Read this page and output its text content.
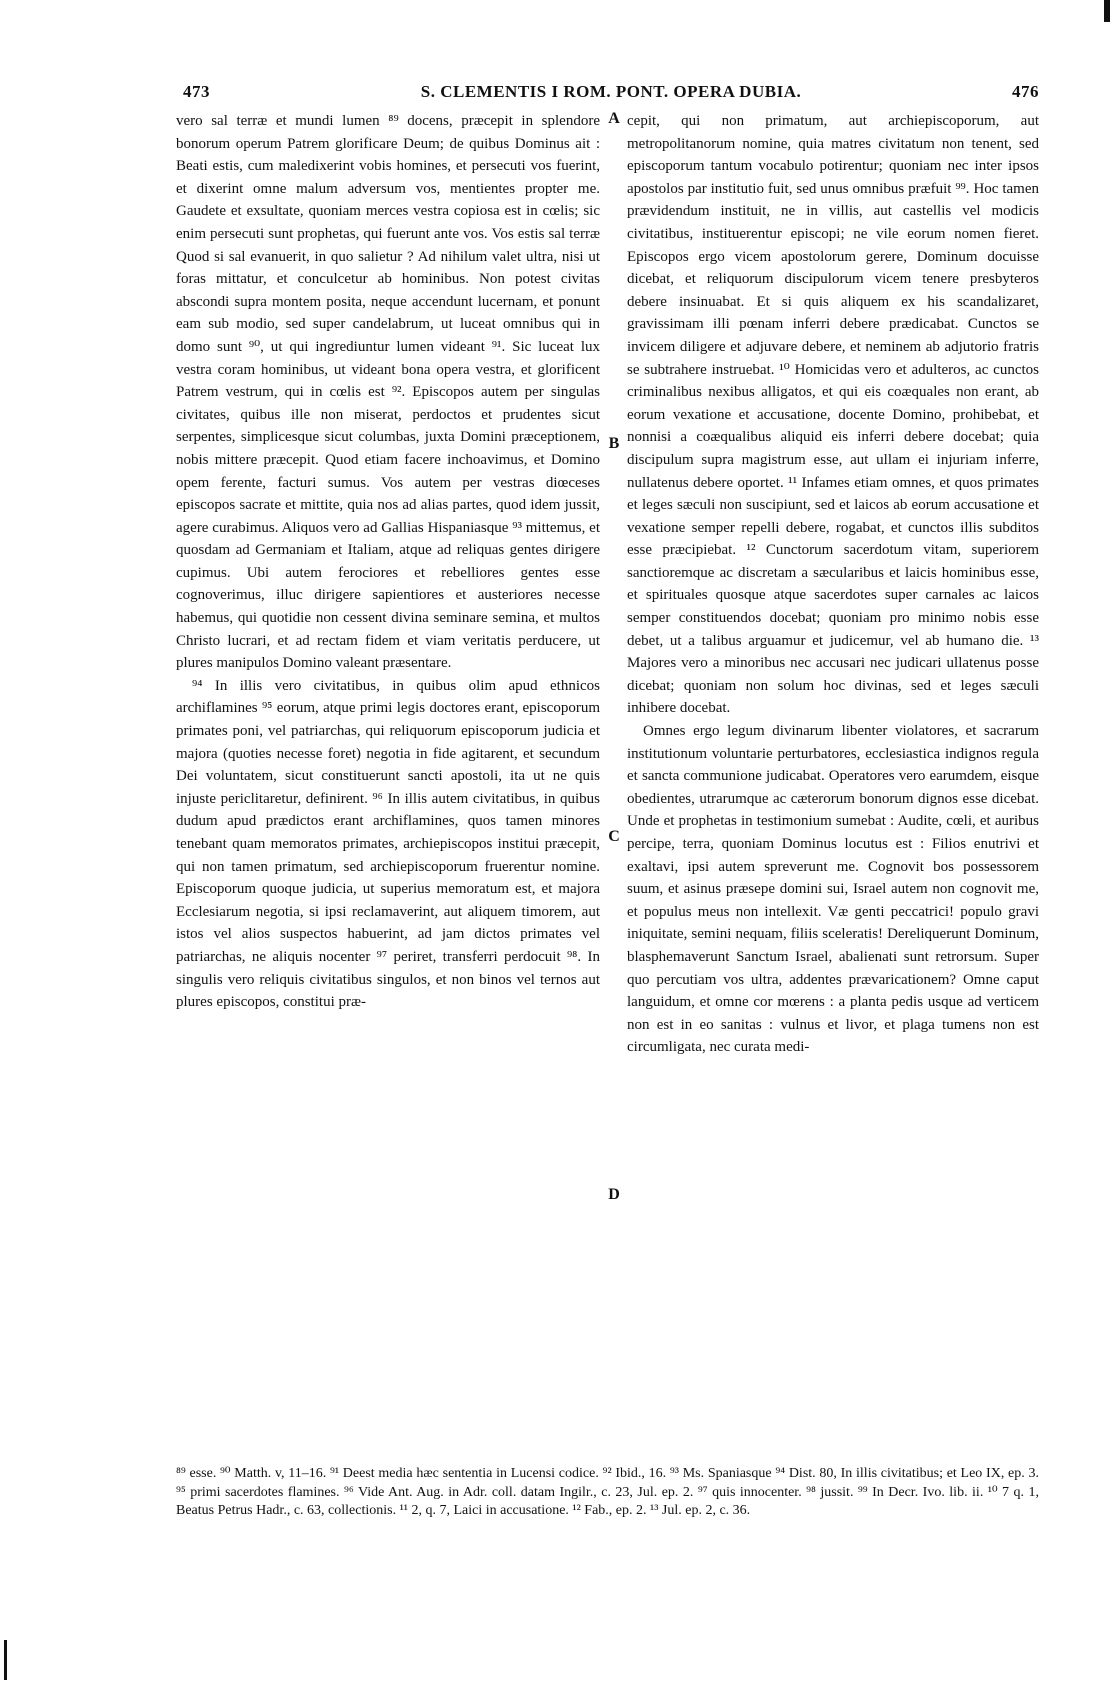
473	S. CLEMENTIS I ROM. PONT. OPERA DUBIA.	476

vero sal terræ et mundi lumen ⁸⁹ docens, præcepit in splendore bonorum operum Patrem glorificare Deum; de quibus Dominus ait : Beati estis, cum maledixerint vobis homines, et persecuti vos fuerint, et dixerint omne malum adversum vos, mentientes propter me. Gaudete et exsultate, quoniam merces vestra copiosa est in cœlis; sic enim persecuti sunt prophetas, qui fuerunt ante vos. Vos estis sal terræ Quod si sal evanuerit, in quo salietur ? Ad nihilum valet ultra, nisi ut foras mittatur, et conculcetur ab hominibus. Non potest civitas abscondi supra montem posita, neque accendunt lucernam, et ponunt eam sub modio, sed super candelabrum, ut luceat omnibus qui in domo sunt ⁹⁰, ut qui ingrediuntur lumen videant ⁹¹. Sic luceat lux vestra coram hominibus, ut videant bona opera vestra, et glorificent Patrem vestrum, qui in cœlis est ⁹². Episcopos autem per singulas civitates, quibus ille non miserat, perdoctos et prudentes sicut serpentes, simplicesque sicut columbas, juxta Domini præceptionem, nobis mittere præcepit. Quod etiam facere inchoavimus, et Domino opem ferente, facturi sumus. Vos autem per vestras diœceses episcopos sacrate et mittite, quia nos ad alias partes, quod idem jussit, agere curabimus. Aliquos vero ad Gallias Hispaniasque ⁹³ mittemus, et quosdam ad Germaniam et Italiam, atque ad reliquas gentes dirigere cupimus. Ubi autem ferociores et rebelliores gentes esse cognoverimus, illuc dirigere sapientiores et austeriores necesse habemus, qui quotidie non cessent divina seminare semina, et multos Christo lucrari, et ad rectam fidem et viam veritatis perducere, ut plures manipulos Domino valeant præsentare.

⁹⁴ In illis vero civitatibus, in quibus olim apud ethnicos archiflamines ⁹⁵ eorum, atque primi legis doctores erant, episcoporum primates poni, vel patriarchas, qui reliquorum episcoporum judicia et majora (quoties necesse foret) negotia in fide agitarent, et secundum Dei voluntatem, sicut constituerunt sancti apostoli, ita ut ne quis injuste periclitaretur, definirent. ⁹⁶ In illis autem civitatibus, in quibus dudum apud prædictos erant archiflamines, quos tamen minores tenebant quam memoratos primates, archiepiscopos institui præcepit, qui non tamen primatum, sed archiepiscoporum fruerentur nomine. Episcoporum quoque judicia, ut superius memoratum est, et majora Ecclesiarum negotia, si ipsi reclamaverint, aut aliquem timorem, aut istos vel alios suspectos habuerint, ad jam dictos primates vel patriarchas, ne aliquis nocenter ⁹⁷ periret, transferri perdocuit ⁹⁸. In singulis vero reliquis civitatibus singulos, et non binos vel ternos aut plures episcopos, constitui præ-

A
B
C
D

cepit, qui non primatum, aut archiepiscoporum, aut metropolitanorum nomine, quia matres civitatum non tenent, sed episcoporum tantum vocabulo potirentur; quoniam nec inter ipsos apostolos par institutio fuit, sed unus omnibus præfuit ⁹⁹. Hoc tamen prævidendum instituit, ne in villis, aut castellis vel modicis civitatibus, instituerentur episcopi; ne vile eorum nomen fieret. Episcopos ergo vicem apostolorum gerere, Dominum docuisse dicebat, et reliquorum discipulorum vicem tenere presbyteros debere insinuabat. Et si quis aliquem ex his scandalizaret, gravissimam illi pœnam inferri debere prædicabat. Cunctos se invicem diligere et adjuvare debere, et neminem ab adjutorio fratris se subtrahere instruebat. ¹⁰ Homicidas vero et adulteros, ac cunctos criminalibus nexibus alligatos, et qui eis coæquales non erant, ab eorum vexatione et accusatione, docente Domino, prohibebat, et nonnisi a coæqualibus aliquid eis inferri debere docebat; quia discipulum supra magistrum esse, aut ullam ei injuriam inferre, nullatenus debere oportet. ¹¹ Infames etiam omnes, et quos primates et leges sæculi non suscipiunt, sed et laicos ab eorum accusatione et vexatione semper repelli debere, rogabat, et cunctos illis subditos esse præcipiebat. ¹² Cunctorum sacerdotum vitam, superiorem sanctioremque ac discretam a sæcularibus et laicis hominibus esse, et spirituales quosque atque sacerdotes super carnales ac laicos semper constituendos docebat; quoniam pro minimo nobis esse debet, ut a talibus arguamur et judicemur, vel ab humano die. ¹³ Majores vero a minoribus nec accusari nec judicari ullatenus posse dicebat; quoniam non solum hoc divinas, sed et leges sæculi inhibere docebat.

Omnes ergo legum divinarum libenter violatores, et sacrarum institutionum voluntarie perturbatores, ecclesiastica indignos regula et sancta communione judicabat. Operatores vero earumdem, eisque obedientes, utrarumque ac cæterorum bonorum dignos esse dicebat. Unde et prophetas in testimonium sumebat : Audite, cœli, et auribus percipe, terra, quoniam Dominus locutus est : Filios enutrivi et exaltavi, ipsi autem spreverunt me. Cognovit bos possessorem suum, et asinus præsepe domini sui, Israel autem non cognovit me, et populus meus non intellexit. Væ genti peccatrici! populo gravi iniquitate, semini nequam, filiis sceleratis! Dereliquerunt Dominum, blasphemaverunt Sanctum Israel, abalienati sunt retrorsum. Super quo percutiam vos ultra, addentes prævaricationem? Omne caput languidum, et omne cor mœrens : a planta pedis usque ad verticem non est in eo sanitas : vulnus et livor, et plaga tumens non est circumligata, nec curata medi-

⁸⁹ esse. ⁹⁰ Matth. v, 11–16. ⁹¹ Deest media hæc sententia in Lucensi codice. ⁹² Ibid., 16. ⁹³ Ms. Spaniasque ⁹⁴ Dist. 80, In illis civitatibus; et Leo IX, ep. 3. ⁹⁵ primi sacerdotes flamines. ⁹⁶ Vide Ant. Aug. in Adr. coll. datam Ingilr., c. 23, Jul. ep. 2. ⁹⁷ quis innocenter. ⁹⁸ jussit. ⁹⁹ In Decr. Ivo. lib. ii. ¹⁰ 7 q. 1, Beatus Petrus Hadr., c. 63, collectionis. ¹¹ 2, q. 7, Laici in accusatione. ¹² Fab., ep. 2. ¹³ Jul. ep. 2, c. 36.
